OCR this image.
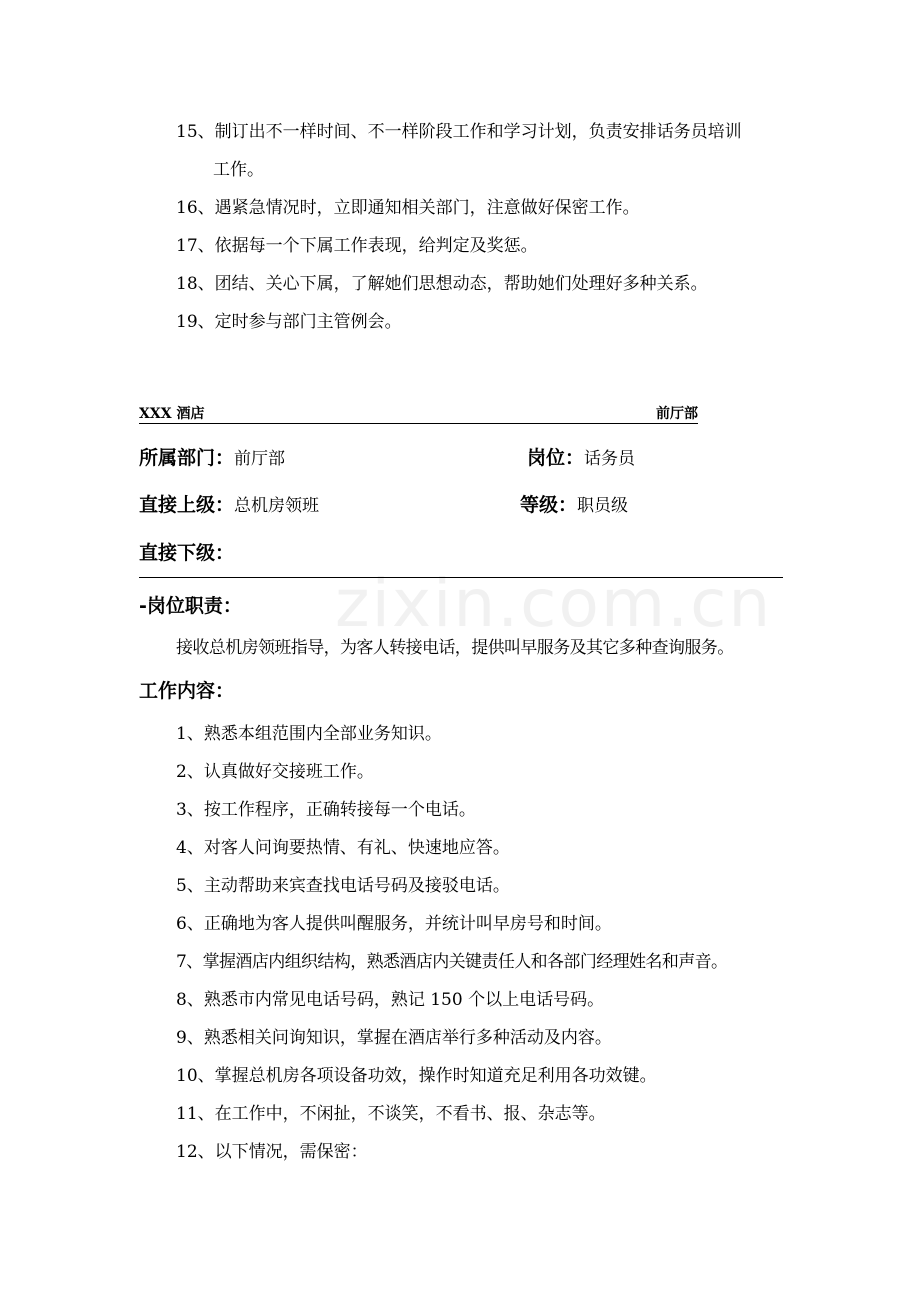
zixin.com.cn
15、制订出不一样时间、不一样阶段工作和学习计划，负责安排话务员培训
工作。
16、遇紧急情况时，立即通知相关部门，注意做好保密工作。
17、依据每一个下属工作表现，给判定及奖惩。
18、团结、关心下属，了解她们思想动态，帮助她们处理好多种关系。
19、定时参与部门主管例会。
XXX 酒店	前厅部
所属部门：前厅部	岗位：话务员
直接上级：总机房领班	等级：职员级
直接下级：
-岗位职责：
接收总机房领班指导，为客人转接电话，提供叫早服务及其它多种查询服务。
工作内容：
1、熟悉本组范围内全部业务知识。
2、认真做好交接班工作。
3、按工作程序，正确转接每一个电话。
4、对客人问询要热情、有礼、快速地应答。
5、主动帮助来宾查找电话号码及接驳电话。
6、正确地为客人提供叫醒服务，并统计叫早房号和时间。
7、掌握酒店内组织结构，熟悉酒店内关键责任人和各部门经理姓名和声音。
8、熟悉市内常见电话号码，熟记 150 个以上电话号码。
9、熟悉相关问询知识，掌握在酒店举行多种活动及内容。
10、掌握总机房各项设备功效，操作时知道充足利用各功效键。
11、在工作中，不闲扯，不谈笑，不看书、报、杂志等。
12、以下情况，需保密：
